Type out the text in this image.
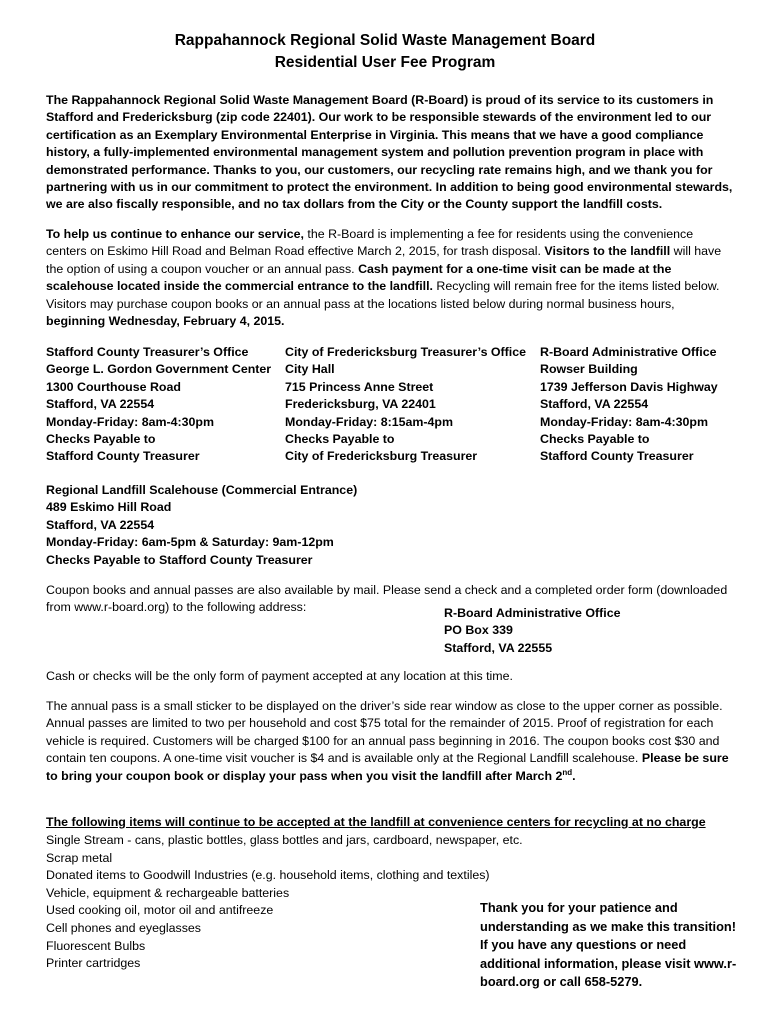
Rappahannock Regional Solid Waste Management Board
Residential User Fee Program
The Rappahannock Regional Solid Waste Management Board (R-Board) is proud of its service to its customers in Stafford and Fredericksburg (zip code 22401). Our work to be responsible stewards of the environment led to our certification as an Exemplary Environmental Enterprise in Virginia. This means that we have a good compliance history, a fully-implemented environmental management system and pollution prevention program in place with demonstrated performance. Thanks to you, our customers, our recycling rate remains high, and we thank you for partnering with us in our commitment to protect the environment. In addition to being good environmental stewards, we are also fiscally responsible, and no tax dollars from the City or the County support the landfill costs.
To help us continue to enhance our service, the R-Board is implementing a fee for residents using the convenience centers on Eskimo Hill Road and Belman Road effective March 2, 2015, for trash disposal. Visitors to the landfill will have the option of using a coupon voucher or an annual pass. Cash payment for a one-time visit can be made at the scalehouse located inside the commercial entrance to the landfill. Recycling will remain free for the items listed below. Visitors may purchase coupon books or an annual pass at the locations listed below during normal business hours, beginning Wednesday, February 4, 2015.
Stafford County Treasurer’s Office
George L. Gordon Government Center
1300 Courthouse Road
Stafford, VA 22554
Monday-Friday: 8am-4:30pm
Checks Payable to
Stafford County Treasurer
City of Fredericksburg Treasurer’s Office
City Hall
715 Princess Anne Street
Fredericksburg, VA 22401
Monday-Friday: 8:15am-4pm
Checks Payable to
City of Fredericksburg Treasurer
R-Board Administrative Office
Rowser Building
1739 Jefferson Davis Highway
Stafford, VA 22554
Monday-Friday: 8am-4:30pm
Checks Payable to
Stafford County Treasurer
Regional Landfill Scalehouse (Commercial Entrance)
489 Eskimo Hill Road
Stafford, VA 22554
Monday-Friday: 6am-5pm & Saturday: 9am-12pm
Checks Payable to Stafford County Treasurer
Coupon books and annual passes are also available by mail. Please send a check and a completed order form (downloaded from www.r-board.org) to the following address:	R-Board Administrative Office
PO Box 339
Stafford, VA 22555
Cash or checks will be the only form of payment accepted at any location at this time.
The annual pass is a small sticker to be displayed on the driver’s side rear window as close to the upper corner as possible. Annual passes are limited to two per household and cost $75 total for the remainder of 2015. Proof of registration for each vehicle is required. Customers will be charged $100 for an annual pass beginning in 2016. The coupon books cost $30 and contain ten coupons. A one-time visit voucher is $4 and is available only at the Regional Landfill scalehouse. Please be sure to bring your coupon book or display your pass when you visit the landfill after March 2nd.
The following items will continue to be accepted at the landfill at convenience centers for recycling at no charge
Single Stream - cans, plastic bottles, glass bottles and jars, cardboard, newspaper, etc.
Scrap metal
Donated items to Goodwill Industries (e.g. household items, clothing and textiles)
Vehicle, equipment & rechargeable batteries
Used cooking oil, motor oil and antifreeze
Cell phones and eyeglasses
Fluorescent Bulbs
Printer cartridges
Thank you for your patience and understanding as we make this transition! If you have any questions or need additional information, please visit www.r-board.org or call 658-5279.
